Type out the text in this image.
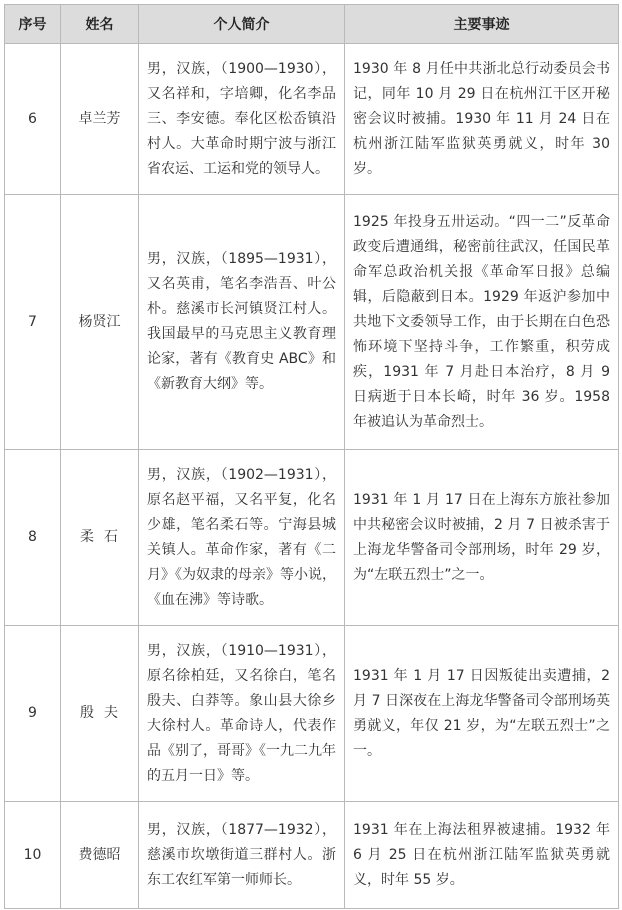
序号	姓名	个人简介	主要事迹
6	卓兰芳	男，汉族，（1900—1930），又名祥和，字培卿，化名李品三、李安德。奉化区松岙镇沿村人。大革命时期宁波与浙江省农运、工运和党的领导人。	1930 年 8 月任中共浙北总行动委员会书记，同年 10 月 29 日在杭州江干区开秘密会议时被捕。1930 年 11 月 24 日在杭州浙江陆军监狱英勇就义，时年 30 岁。
7	杨贤江	男，汉族，（1895—1931），又名英甫，笔名李浩吾、叶公朴。慈溪市长河镇贤江村人。我国最早的马克思主义教育理论家，著有《教育史 ABC》和《新教育大纲》等。	1925 年投身五卅运动。“四一二”反革命政变后遭通缉，秘密前往武汉，任国民革命军总政治机关报《革命军日报》总编辑，后隐蔽到日本。1929 年返沪参加中共地下文委领导工作，由于长期在白色恐怖环境下坚持斗争，工作繁重，积劳成疾，1931 年 7 月赴日本治疗，8 月 9 日病逝于日本长崎，时年 36 岁。1958 年被追认为革命烈士。
8	柔石	男，汉族，（1902—1931），原名赵平福，又名平复，化名少雄，笔名柔石等。宁海县城关镇人。革命作家，著有《二月》《为奴隶的母亲》等小说，《血在沸》等诗歌。	1931 年 1 月 17 日在上海东方旅社参加中共秘密会议时被捕，2 月 7 日被杀害于上海龙华警备司令部刑场，时年 29 岁，为“左联五烈士”之一。
9	殷夫	男，汉族，（1910—1931），原名徐柏廷，又名徐白，笔名殷夫、白莽等。象山县大徐乡大徐村人。革命诗人，代表作品《别了，哥哥》《一九二九年的五月一日》等。	1931 年 1 月 17 日因叛徒出卖遭捕，2 月 7 日深夜在上海龙华警备司令部刑场英勇就义，年仅 21 岁，为“左联五烈士”之一。
10	费德昭	男，汉族，（1877—1932），慈溪市坎墩街道三群村人。浙东工农红军第一师师长。	1931 年在上海法租界被逮捕。1932 年 6 月 25 日在杭州浙江陆军监狱英勇就义，时年 55 岁。
